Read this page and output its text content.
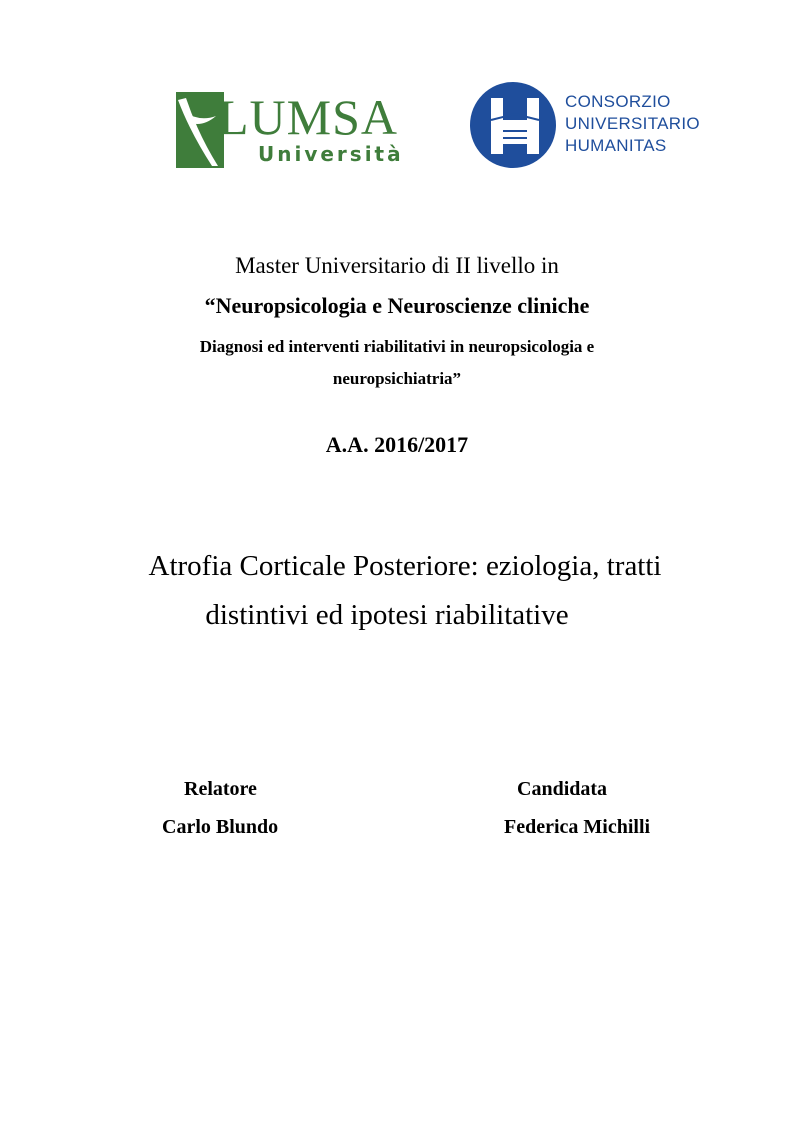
LUMSA
Università
CONSORZIO
UNIVERSITARIO
HUMANITAS
Master Universitario di II livello in
“Neuropsicologia e Neuroscienze cliniche
Diagnosi ed interventi riabilitativi in neuropsicologia e
neuropsichiatria”
A.A. 2016/2017
Atrofia Corticale Posteriore: eziologia, tratti
distintivi ed ipotesi riabilitative
Relatore
Carlo Blundo
Candidata
Federica Michilli
